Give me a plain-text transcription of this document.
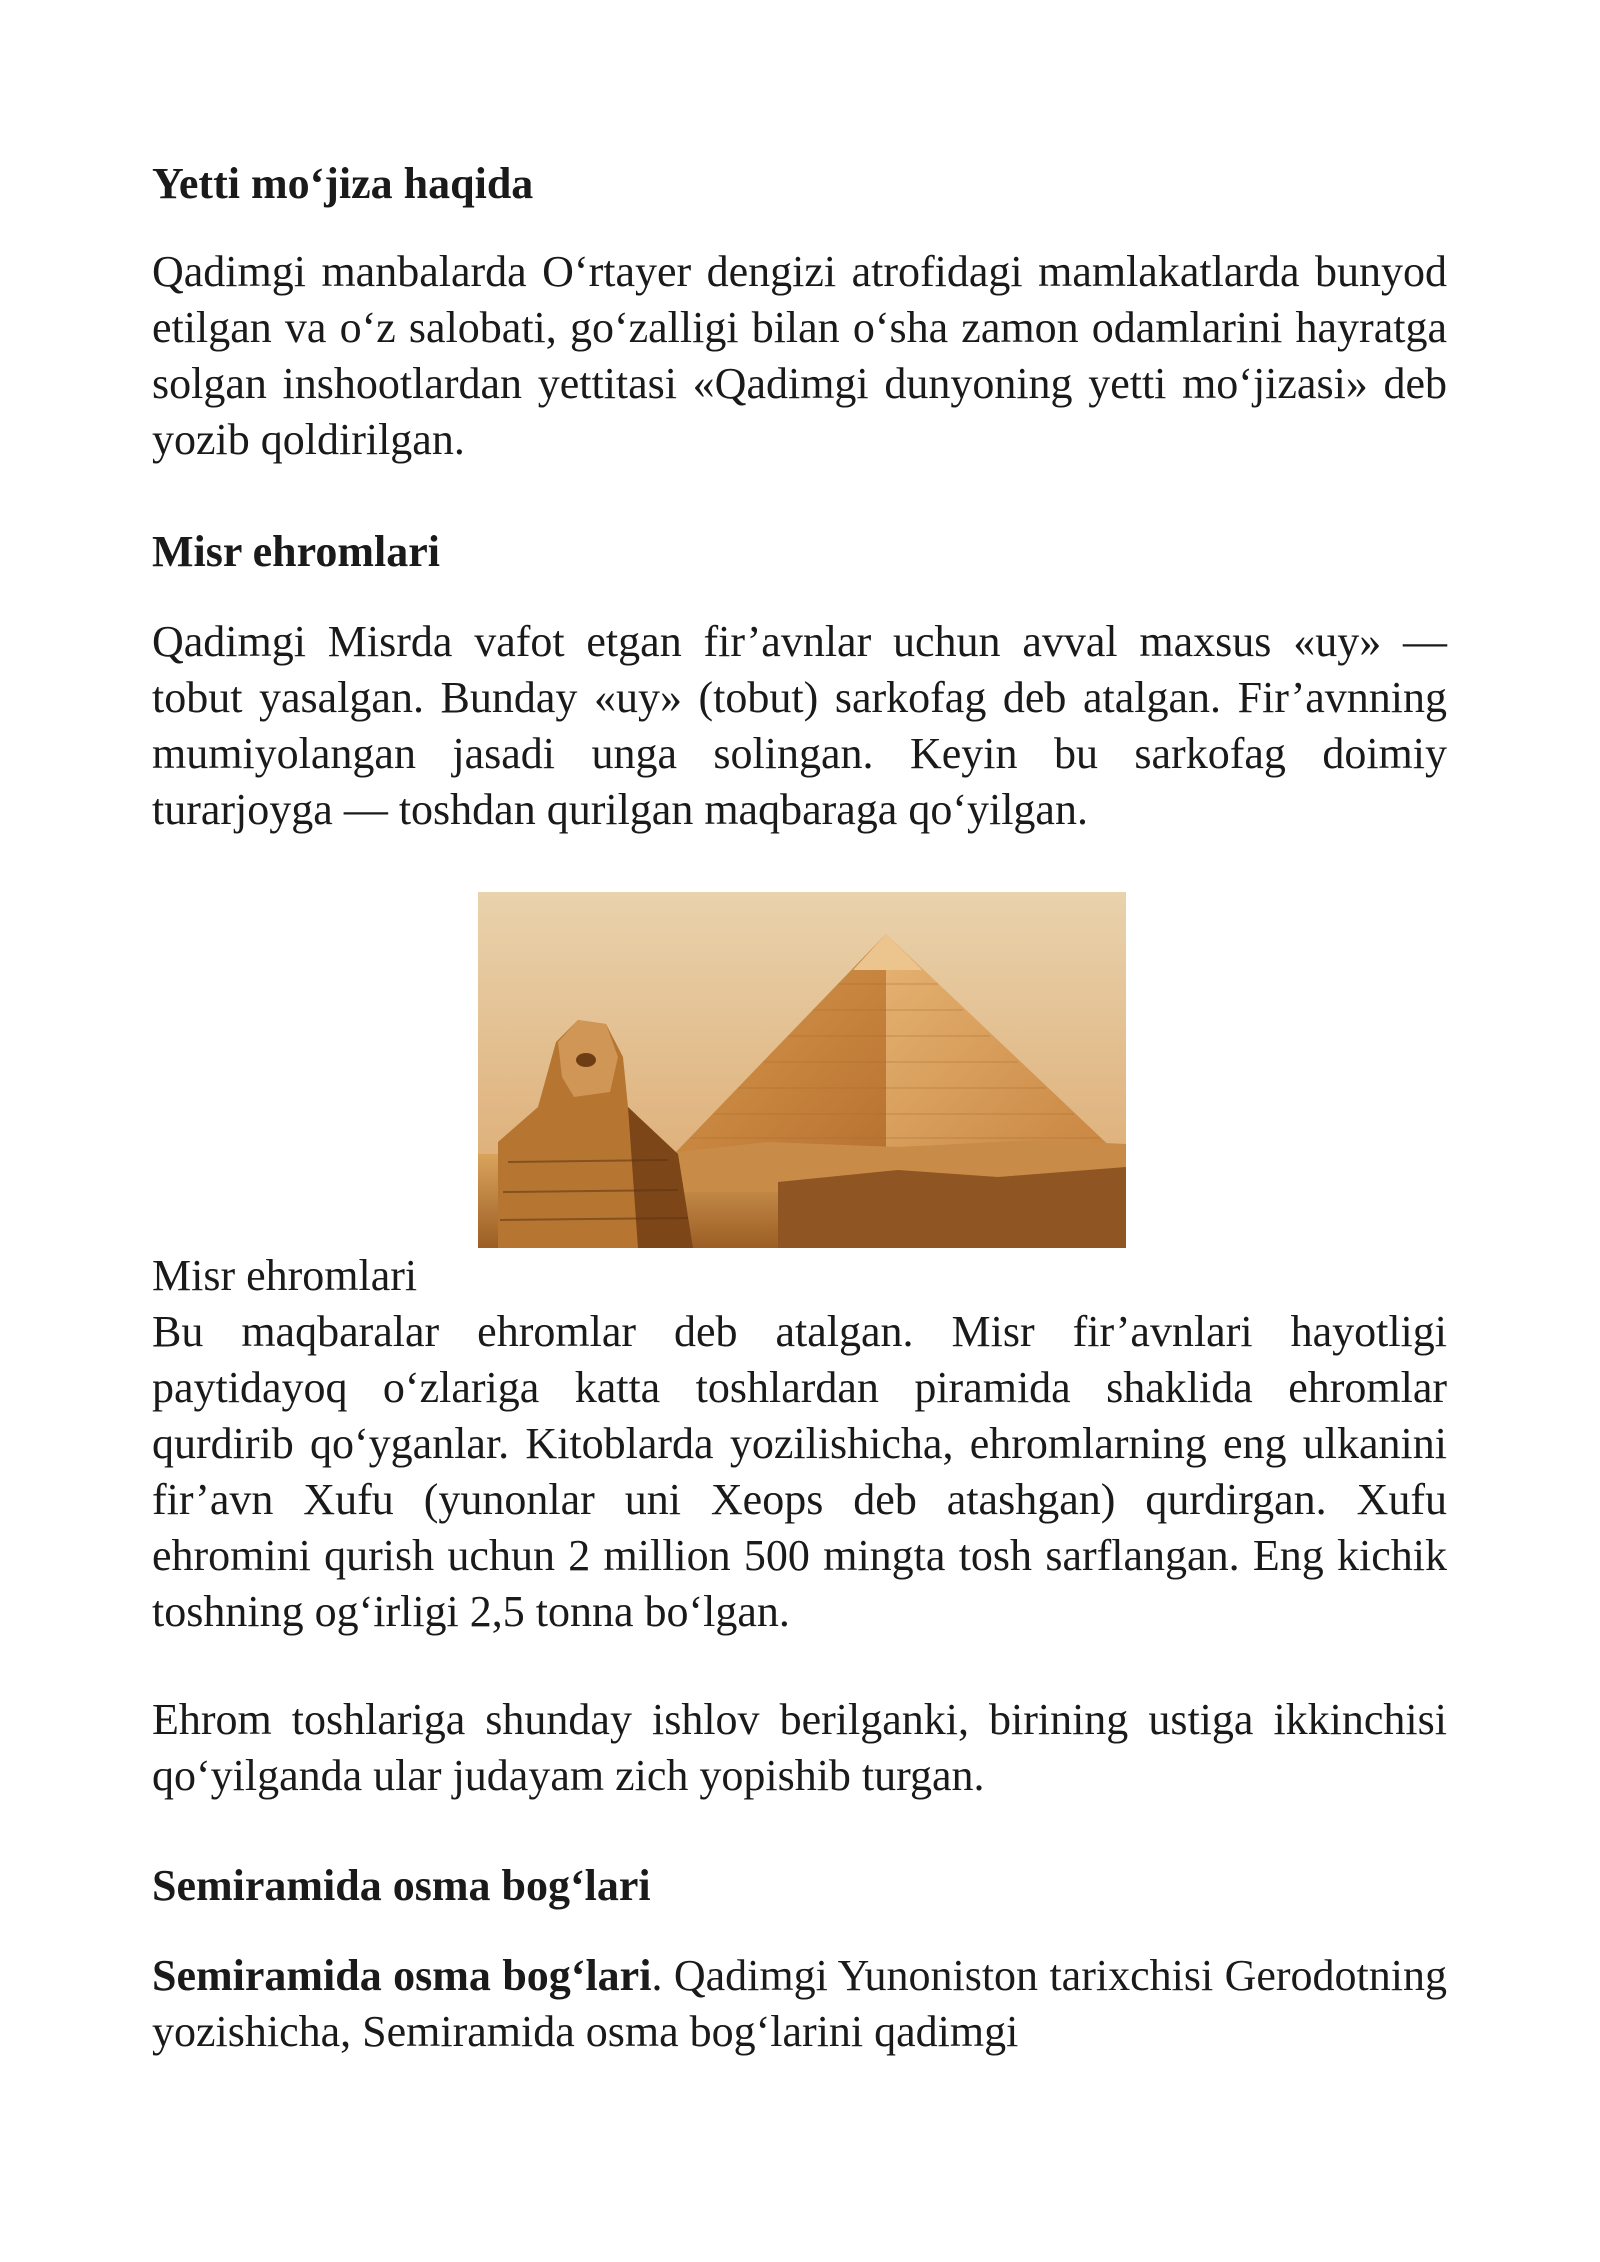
Yetti mo‘jiza haqida

Qadimgi manbalarda O‘rtayer dengizi atrofidagi mamlakatlarda bunyod etilgan va o‘z salobati, go‘zalligi bilan o‘sha zamon odamlarini hayratga solgan inshootlardan yettitasi «Qadimgi dunyoning yetti mo‘jizasi» deb yozib qoldirilgan.

Misr ehromlari

Qadimgi Misrda vafot etgan fir’avnlar uchun avval maxsus «uy» — tobut yasalgan. Bunday «uy» (tobut) sarkofag deb atalgan. Fir’avnning mumiyolangan jasadi unga solingan. Keyin bu sarkofag doimiy turarjoyga — toshdan qurilgan maqbaraga qo‘yilgan.

Misr ehromlari

Bu maqbaralar ehromlar deb atalgan. Misr fir’avnlari hayotligi paytidayoq o‘zlariga katta toshlardan piramida shaklida ehromlar qurdirib qo‘yganlar. Kitoblarda yozilishicha, ehromlarning eng ulkanini fir’avn Xufu (yunonlar uni Xeops deb atashgan) qurdirgan. Xufu ehromini qurish uchun 2 million 500 mingta tosh sarflangan. Eng kichik toshning og‘irligi 2,5 tonna bo‘lgan.

Ehrom toshlariga shunday ishlov berilganki, birining ustiga ikkinchisi qo‘yilganda ular judayam zich yopishib turgan.

Semiramida osma bog‘lari

Semiramida osma bog‘lari. Qadimgi Yunoniston tarixchisi Gerodotning yozishicha, Semiramida osma bog‘larini qadimgi
